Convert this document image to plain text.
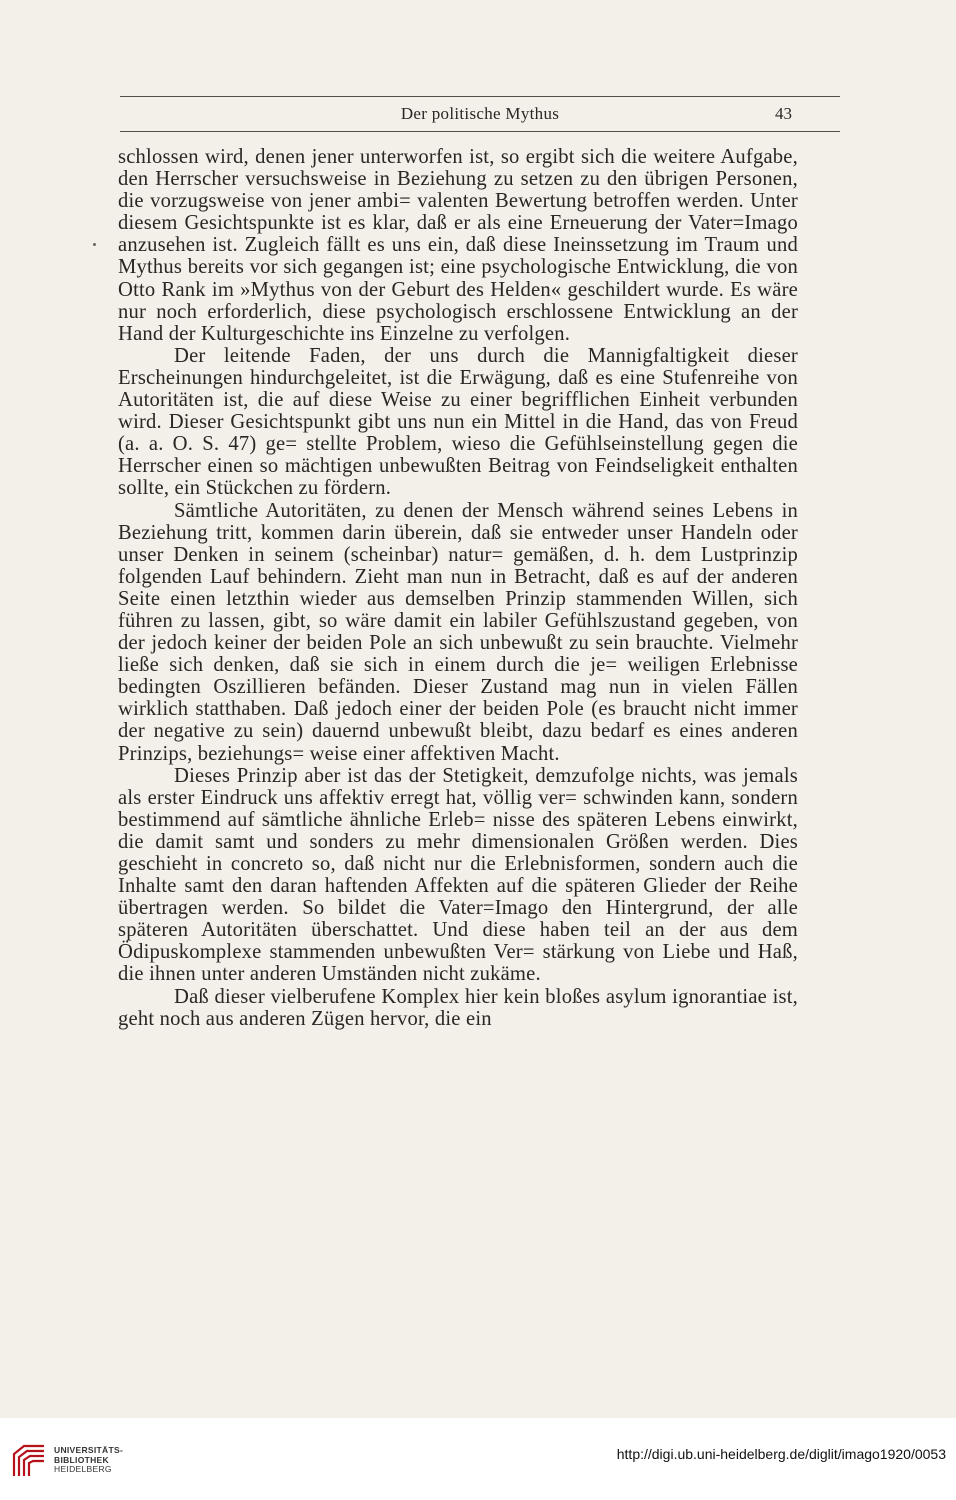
Der politische Mythus	43

schlossen wird, denen jener unterworfen ist, so ergibt sich die weitere Aufgabe, den Herrscher versuchsweise in Beziehung zu setzen zu den übrigen Personen, die vorzugsweise von jener ambi= valenten Bewertung betroffen werden. Unter diesem Gesichtspunkte ist es klar, daß er als eine Erneuerung der Vater=Imago anzusehen ist. Zugleich fällt es uns ein, daß diese Ineinssetzung im Traum und Mythus bereits vor sich gegangen ist; eine psychologische Entwicklung, die von Otto Rank im »Mythus von der Geburt des Helden« geschildert wurde. Es wäre nur noch erforderlich, diese psychologisch erschlossene Entwicklung an der Hand der Kulturgeschichte ins Einzelne zu verfolgen.

Der leitende Faden, der uns durch die Mannigfaltigkeit dieser Erscheinungen hindurchgeleitet, ist die Erwägung, daß es eine Stufenreihe von Autoritäten ist, die auf diese Weise zu einer begrifflichen Einheit verbunden wird. Dieser Gesichtspunkt gibt uns nun ein Mittel in die Hand, das von Freud (a. a. O. S. 47) ge= stellte Problem, wieso die Gefühlseinstellung gegen die Herrscher einen so mächtigen unbewußten Beitrag von Feindseligkeit enthalten sollte, ein Stückchen zu fördern.

Sämtliche Autoritäten, zu denen der Mensch während seines Lebens in Beziehung tritt, kommen darin überein, daß sie entweder unser Handeln oder unser Denken in seinem (scheinbar) natur= gemäßen, d. h. dem Lustprinzip folgenden Lauf behindern. Zieht man nun in Betracht, daß es auf der anderen Seite einen letzthin wieder aus demselben Prinzip stammenden Willen, sich führen zu lassen, gibt, so wäre damit ein labiler Gefühlszustand gegeben, von der jedoch keiner der beiden Pole an sich unbewußt zu sein brauchte. Vielmehr ließe sich denken, daß sie sich in einem durch die je= weiligen Erlebnisse bedingten Oszillieren befänden. Dieser Zustand mag nun in vielen Fällen wirklich statthaben. Daß jedoch einer der beiden Pole (es braucht nicht immer der negative zu sein) dauernd unbewußt bleibt, dazu bedarf es eines anderen Prinzips, beziehungs= weise einer affektiven Macht.

Dieses Prinzip aber ist das der Stetigkeit, demzufolge nichts, was jemals als erster Eindruck uns affektiv erregt hat, völlig ver= schwinden kann, sondern bestimmend auf sämtliche ähnliche Erleb= nisse des späteren Lebens einwirkt, die damit samt und sonders zu mehr dimensionalen Größen werden. Dies geschieht in concreto so, daß nicht nur die Erlebnisformen, sondern auch die Inhalte samt den daran haftenden Affekten auf die späteren Glieder der Reihe übertragen werden. So bildet die Vater=Imago den Hintergrund, der alle späteren Autoritäten überschattet. Und diese haben teil an der aus dem Ödipuskomplexe stammenden unbewußten Ver= stärkung von Liebe und Haß, die ihnen unter anderen Umständen nicht zukäme.

Daß dieser vielberufene Komplex hier kein bloßes asylum ignorantiae ist, geht noch aus anderen Zügen hervor, die ein

UNIVERSITÄTS-
BIBLIOTHEK
HEIDELBERG
http://digi.ub.uni-heidelberg.de/diglit/imago1920/0053
